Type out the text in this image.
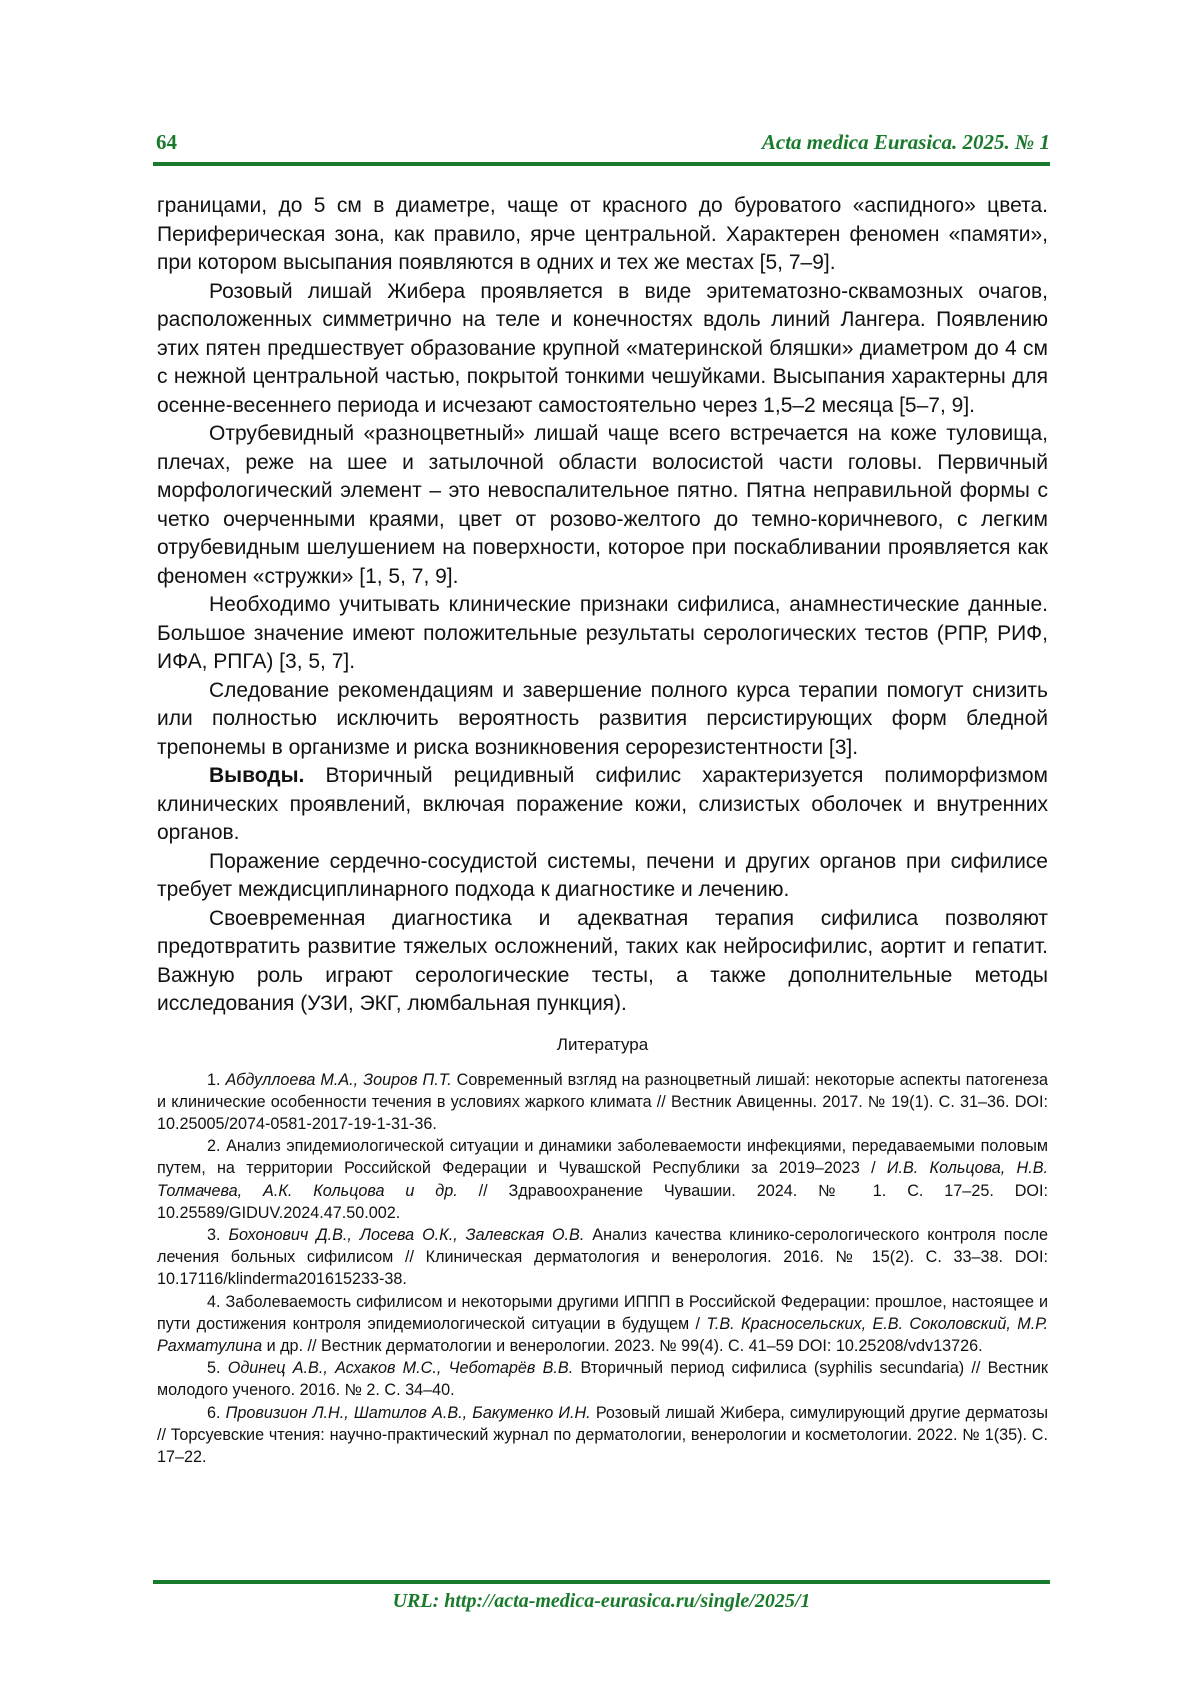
64	Acta medica Eurasica. 2025. № 1

границами, до 5 см в диаметре, чаще от красного до буроватого «аспидного» цвета. Периферическая зона, как правило, ярче центральной. Характерен феномен «памяти», при котором высыпания появляются в одних и тех же местах [5, 7–9].

Розовый лишай Жибера проявляется в виде эритематозно-сквамозных очагов, расположенных симметрично на теле и конечностях вдоль линий Лангера. Появлению этих пятен предшествует образование крупной «материнской бляшки» диаметром до 4 см с нежной центральной частью, покрытой тонкими чешуйками. Высыпания характерны для осенне-весеннего периода и исчезают самостоятельно через 1,5–2 месяца [5–7, 9].

Отрубевидный «разноцветный» лишай чаще всего встречается на коже туловища, плечах, реже на шее и затылочной области волосистой части головы. Первичный морфологический элемент – это невоспалительное пятно. Пятна неправильной формы с четко очерченными краями, цвет от розово-желтого до темно-коричневого, с легким отрубевидным шелушением на поверхности, которое при поскабливании проявляется как феномен «стружки» [1, 5, 7, 9].

Необходимо учитывать клинические признаки сифилиса, анамнестические данные. Большое значение имеют положительные результаты серологических тестов (РПР, РИФ, ИФА, РПГА) [3, 5, 7].

Следование рекомендациям и завершение полного курса терапии помогут снизить или полностью исключить вероятность развития персистирующих форм бледной трепонемы в организме и риска возникновения серорезистентности [3].

Выводы. Вторичный рецидивный сифилис характеризуется полиморфизмом клинических проявлений, включая поражение кожи, слизистых оболочек и внутренних органов.

Поражение сердечно-сосудистой системы, печени и других органов при сифилисе требует междисциплинарного подхода к диагностике и лечению.

Своевременная диагностика и адекватная терапия сифилиса позволяют предотвратить развитие тяжелых осложнений, таких как нейросифилис, аортит и гепатит. Важную роль играют серологические тесты, а также дополнительные методы исследования (УЗИ, ЭКГ, люмбальная пункция).

Литература

1. Абдуллоева М.А., Зоиров П.Т. Современный взгляд на разноцветный лишай: некоторые аспекты патогенеза и клинические особенности течения в условиях жаркого климата // Вестник Авиценны. 2017. № 19(1). С. 31–36. DOI: 10.25005/2074-0581-2017-19-1-31-36.

2. Анализ эпидемиологической ситуации и динамики заболеваемости инфекциями, передаваемыми половым путем, на территории Российской Федерации и Чувашской Республики за 2019–2023 / И.В. Кольцова, Н.В. Толмачева, А.К. Кольцова и др. // Здравоохранение Чувашии. 2024. № 1. С. 17–25. DOI: 10.25589/GIDUV.2024.47.50.002.

3. Бохонович Д.В., Лосева О.К., Залевская О.В. Анализ качества клинико-серологического контроля после лечения больных сифилисом // Клиническая дерматология и венерология. 2016. № 15(2). С. 33–38. DOI: 10.17116/klinderma201615233-38.

4. Заболеваемость сифилисом и некоторыми другими ИППП в Российской Федерации: прошлое, настоящее и пути достижения контроля эпидемиологической ситуации в будущем / Т.В. Красносельских, Е.В. Соколовский, М.Р. Рахматулина и др. // Вестник дерматологии и венерологии. 2023. № 99(4). С. 41–59 DOI: 10.25208/vdv13726.

5. Одинец А.В., Асхаков М.С., Чеботарёв В.В. Вторичный период сифилиса (syphilis secundaria) // Вестник молодого ученого. 2016. № 2. С. 34–40.

6. Провизион Л.Н., Шатилов А.В., Бакуменко И.Н. Розовый лишай Жибера, симулирующий другие дерматозы // Торсуевские чтения: научно-практический журнал по дерматологии, венерологии и косметологии. 2022. № 1(35). С. 17–22.

URL: http://acta-medica-eurasica.ru/single/2025/1
